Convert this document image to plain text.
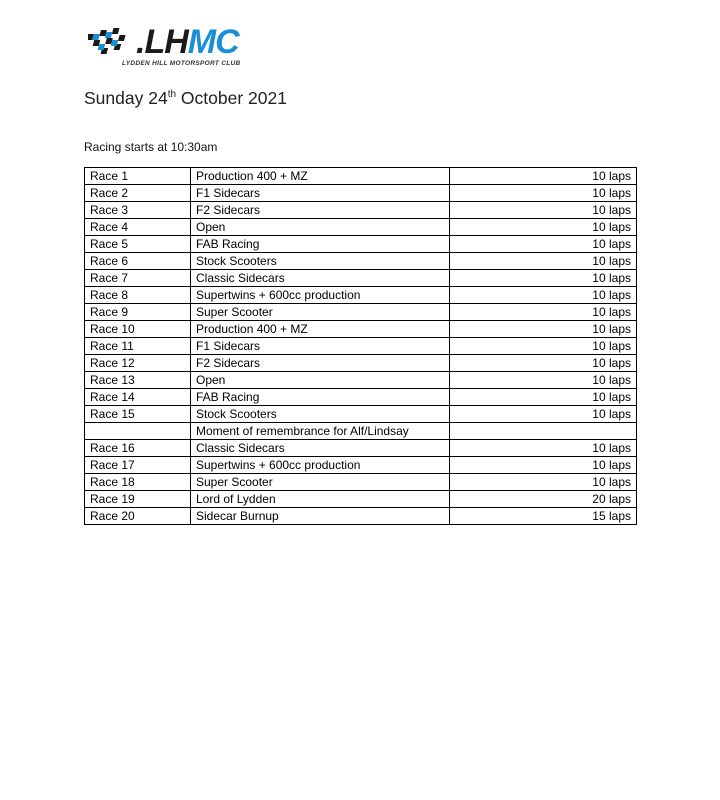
.LHMC
LYDDEN HILL MOTORSPORT CLUB
Sunday 24th October 2021
Racing starts at 10:30am
Race 1	Production 400 + MZ	10 laps
Race 2	F1 Sidecars	10 laps
Race 3	F2 Sidecars	10 laps
Race 4	Open	10 laps
Race 5	FAB Racing	10 laps
Race 6	Stock Scooters	10 laps
Race 7	Classic Sidecars	10 laps
Race 8	Supertwins + 600cc production	10 laps
Race 9	Super Scooter	10 laps
Race 10	Production 400 + MZ	10 laps
Race 11	F1 Sidecars	10 laps
Race 12	F2 Sidecars	10 laps
Race 13	Open	10 laps
Race 14	FAB Racing	10 laps
Race 15	Stock Scooters	10 laps
	Moment of remembrance for Alf/Lindsay	
Race 16	Classic Sidecars	10 laps
Race 17	Supertwins + 600cc production	10 laps
Race 18	Super Scooter	10 laps
Race 19	Lord of Lydden	20 laps
Race 20	Sidecar Burnup	15 laps
